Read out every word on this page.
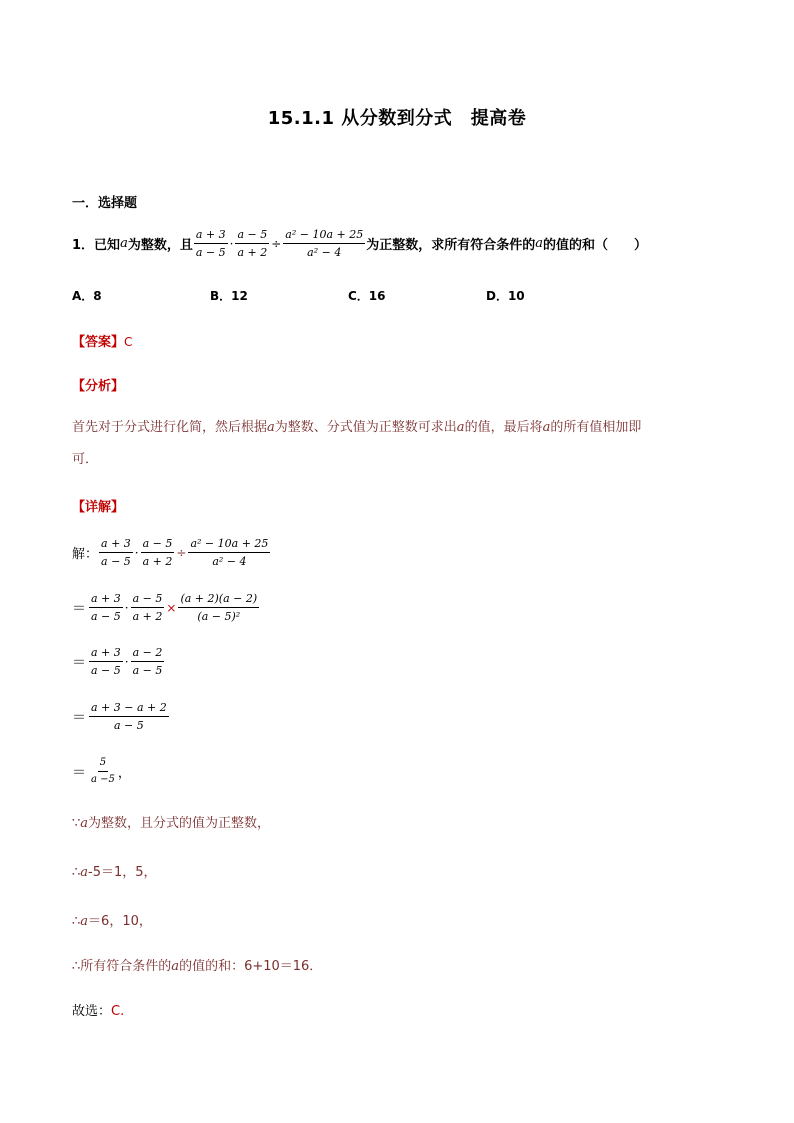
15.1.1 从分数到分式　提高卷
一．选择题
1． 已知 a 为整数，且 $\frac{a + 3}{a - 5} \cdot \frac{a - 5}{a + 2} \div \frac{\text{a² − 10a + 25}}{\text{a² − 4}}$ 为正整数，求所有符合条件的 a 的值的和（　　）
A．8	B．12	C．16	D．10
【答案】C
【分析】
首先对于分式进行化简，然后根据a为整数、分式值为正整数可求出a的值，最后将a的所有值相加即
可．
【详解】
解： $\frac{a + 3}{a - 5} \cdot \frac{a - 5}{a + 2} \div \frac{\text{a² − 10a + 25}}{\text{a² − 4}}$
＝ $\frac{a + 3}{a - 5} \cdot \frac{a - 5}{a + 2} \times \frac{(a + 2)(a - 2)}{\text{(a − 5)²}}$
＝ $\frac{a + 3}{a - 5} \cdot \frac{a - 2}{a - 5}$
＝ $\frac{a + 3 - a + 2}{a - 5}$
＝ $\frac{5}{a -5}$ ，
∵a为整数，且分式的值为正整数，
∴a-5＝1，5，
∴a＝6，10，
∴所有符合条件的a的值的和：6+10＝16．
故选：C.
